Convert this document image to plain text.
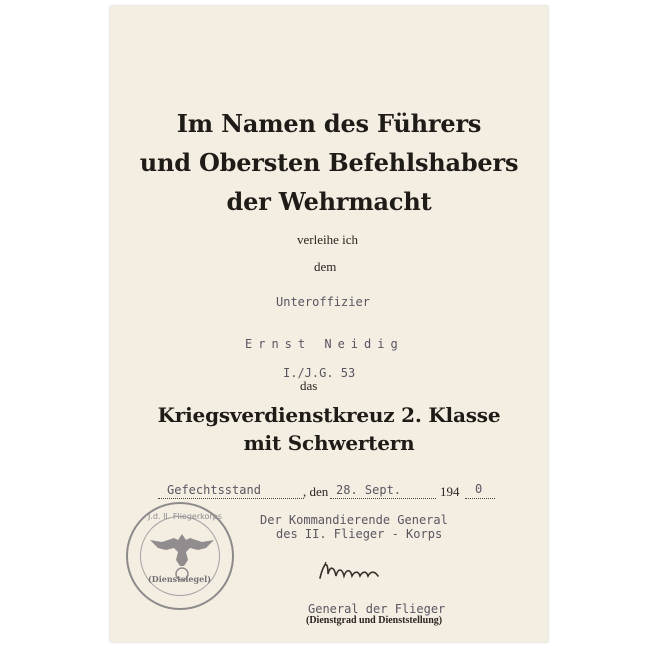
Im Namen des Führers
und Obersten Befehlshabers
der Wehrmacht
verleihe ich
dem
Unteroffizier
Ernst Neidig
I./J.G. 53
das
Kriegsverdienstkreuz 2. Klasse
mit Schwertern
Gefechtsstand	, den 28. Sept.	194 0
Der Kommandierende General
des II. Flieger - Korps
J.d. II. Fliegerkorps
(Dienstsiegel)
General der Flieger
(Dienstgrad und Dienststellung)
